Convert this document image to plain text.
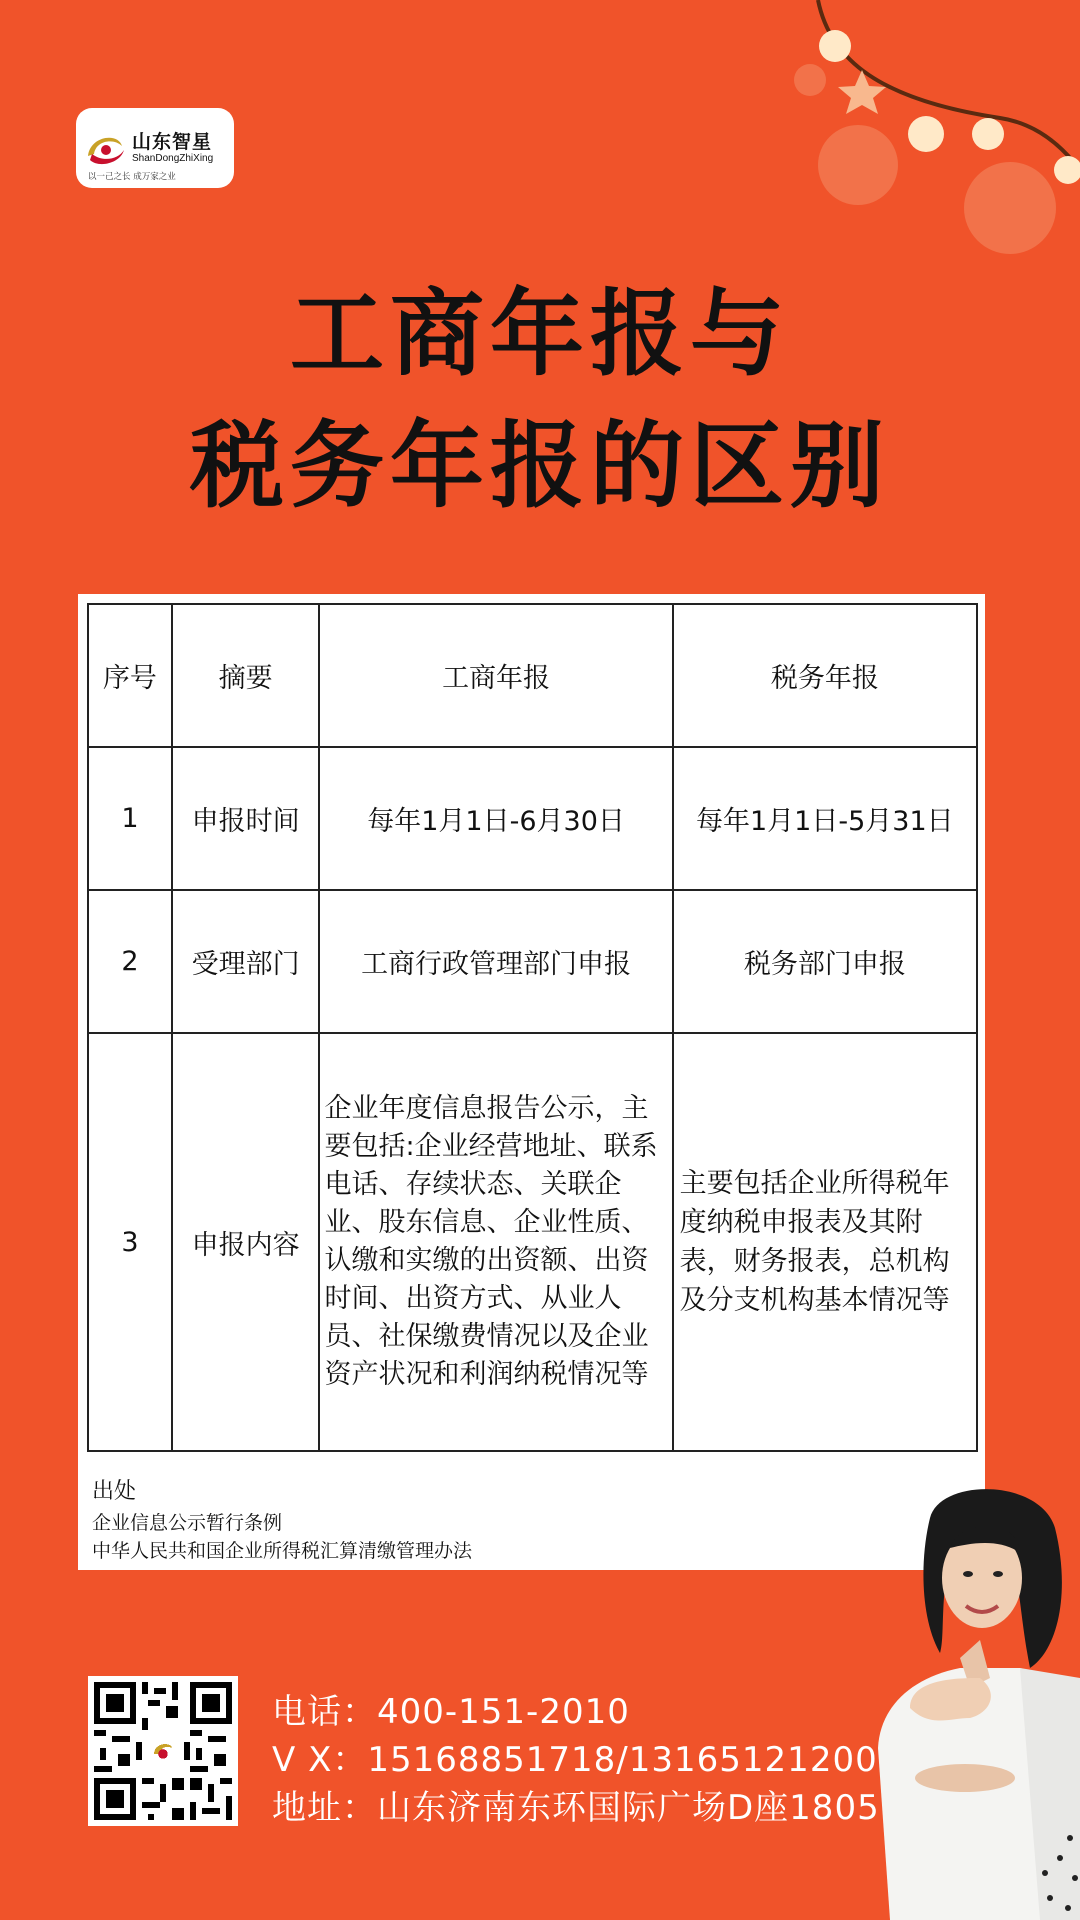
山东智星
ShanDongZhiXing
以一己之长 成万家之业
工商年报与
税务年报的区别
序号	摘要	工商年报	税务年报
1	申报时间	每年1月1日-6月30日	每年1月1日-5月31日
2	受理部门	工商行政管理部门申报	税务部门申报
3	申报内容	企业年度信息报告公示，主要包括:企业经营地址、联系电话、存续状态、关联企业、股东信息、企业性质、认缴和实缴的出资额、出资时间、出资方式、从业人员、社保缴费情况以及企业资产状况和利润纳税情况等	主要包括企业所得税年度纳税申报表及其附表，财务报表，总机构及分支机构基本情况等
出处
企业信息公示暂行条例
中华人民共和国企业所得税汇算清缴管理办法
电话：400-151-2010
V X：15168851718/13165121200
地址：山东济南东环国际广场D座1805
